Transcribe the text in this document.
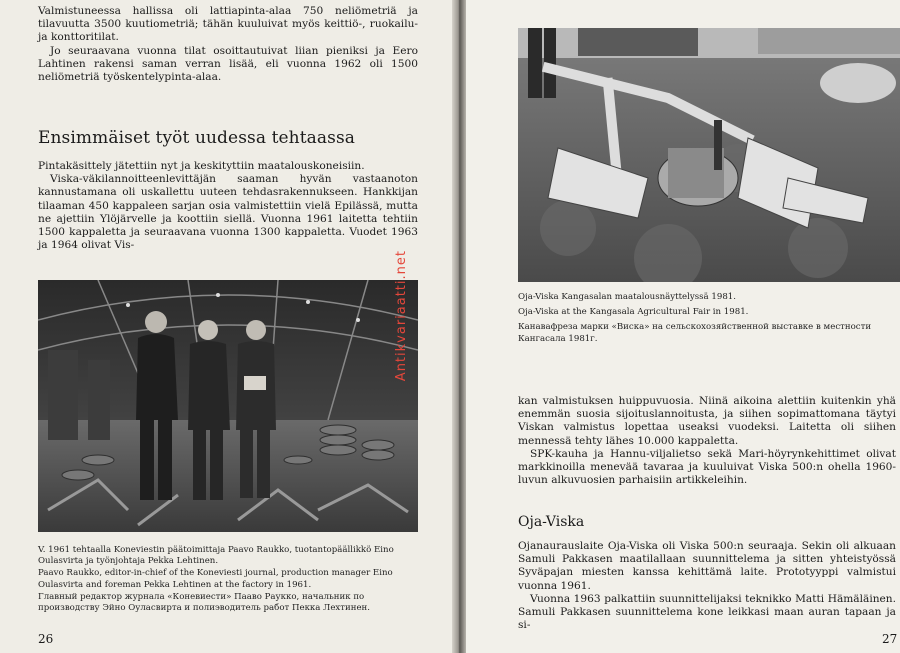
Valmistuneessa hallissa oli lattiapinta-alaa 750 neliömetriä ja tilavuutta 3500 kuutiometriä; tähän kuuluivat myös keittiö-, ruokailu- ja konttoritilat.

Jo seuraavana vuonna tilat osoittautuivat liian pieniksi ja Eero Lahtinen rakensi saman verran lisää, eli vuonna 1962 oli 1500 neliömetriä työskentelypinta-alaa.

Ensimmäiset työt uudessa tehtaassa

Pintakäsittely jätettiin nyt ja keskityttiin maatalouskoneisiin.

Viska-väkilannoitteenlevittäjän saaman hyvän vastaanoton kannustamana oli uskallettu uuteen tehdasrakennukseen. Hankkijan tilaaman 450 kappaleen sarjan osia valmistettiin vielä Epilässä, mutta ne ajettiin Ylöjärvelle ja koottiin siellä. Vuonna 1961 laitetta tehtiin 1500 kappaletta ja seuraavana vuonna 1300 kappaletta. Vuodet 1963 ja 1964 olivat Vis-

V. 1961 tehtaalla Koneviestin päätoimittaja Paavo Raukko, tuotantopäällikkö Eino Oulasvirta ja työnjohtaja Pekka Lehtinen.
Paavo Raukko, editor-in-chief of the Koneviesti journal, production manager Eino Oulasvirta and foreman Pekka Lehtinen at the factory in 1961.
Главный редактор журнала «Коневиести» Пааво Раукко, начальник по производству Эйно Оуласвирта и полиэводитель работ Пекка Лехтинен.
26
Antikvariaatti.net	Oja-Viska Kangasalan maatalousnäyttelyssä 1981.
Oja-Viska at the Kangasala Agricultural Fair in 1981.
Канавафреза марки «Виска» на сельскохозяйственной выставке в местности Кангасала 1981г.

kan valmistuksen huippuvuosia. Niinä aikoina alettiin kuitenkin yhä enemmän suosia sijoituslannoitusta, ja siihen sopimattomana täytyi Viskan valmistus lopettaa useaksi vuodeksi. Laitetta oli siihen mennessä tehty lähes 10.000 kappaletta.

SPK-kauha ja Hannu-viljalietso sekä Mari-höyrynkehittimet olivat markkinoilla menevää tavaraa ja kuuluivat Viska 500:n ohella 1960-luvun alkuvuosien parhaisiin artikkeleihin.

Oja-Viska

Ojanaurauslaite Oja-Viska oli Viska 500:n seuraaja. Sekin oli alkuaan Samuli Pakkasen maatilallaan suunnittelema ja sitten yhteistyössä Syväpajan miesten kanssa kehittämä laite. Prototyyppi valmistui vuonna 1961.

Vuonna 1963 palkattiin suunnittelijaksi teknikko Matti Hämäläinen. Samuli Pakkasen suunnittelema kone leikkasi maan auran tapaan ja si-

27
